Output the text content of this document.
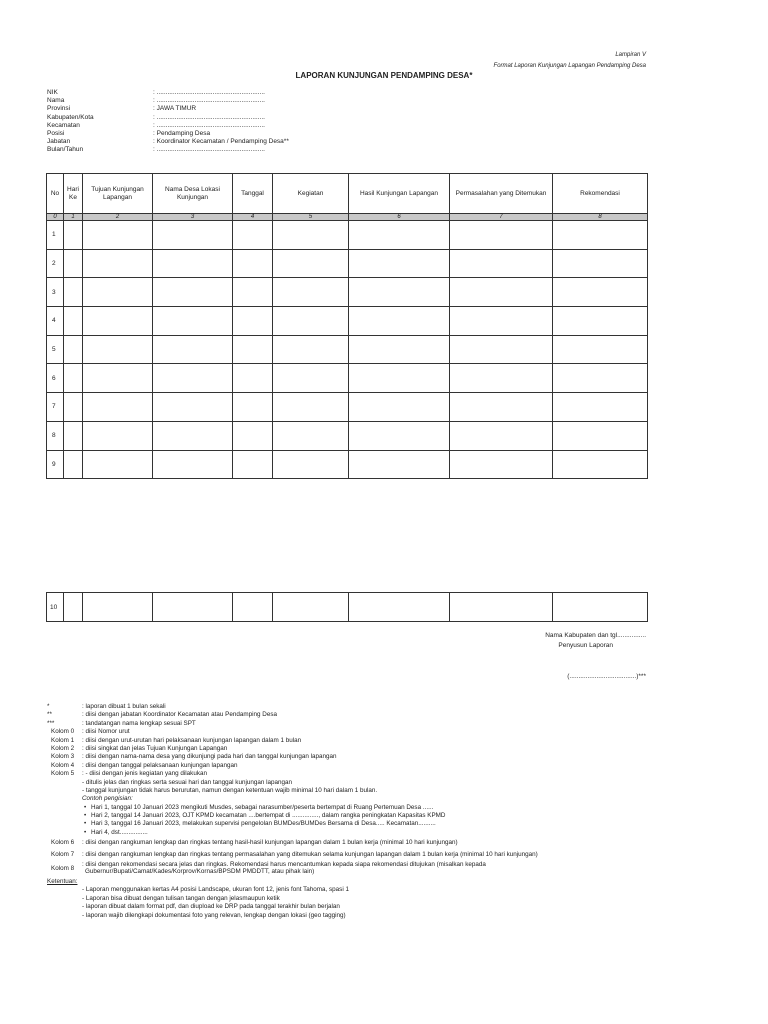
Lampiran V
Format Laporan Kunjungan Lapangan Pendamping Desa
LAPORAN KUNJUNGAN PENDAMPING DESA*
NIK	: ............................................................
Nama	: ............................................................
Provinsi	: JAWA TIMUR
Kabupaten/Kota	: ............................................................
Kecamatan	: ............................................................
Posisi	: Pendamping Desa
Jabatan	: Koordinator Kecamatan / Pendamping Desa**
Bulan/Tahun	: ............................................................
No	Hari Ke	Tujuan Kunjungan Lapangan	Nama Desa Lokasi Kunjungan	Tanggal	Kegiatan	Hasil Kunjungan Lapangan	Permasalahan yang Ditemukan	Rekomendasi
0	1	2	3	4	5	6	7	8
1								
2								
3								
4								
5								
6								
7								
8								
9								
10								
Nama Kabupaten dan tgl................
Penyusun Laporan
(.....................................)***
*	: laporan dibuat 1 bulan sekali
**	: diisi dengan jabatan Koordinator Kecamatan atau Pendamping Desa
***	: tandatangan nama lengkap sesuai SPT
Kolom 0 : diisi Nomor urut
Kolom 1 : diisi dengan urut-urutan hari pelaksanaan kunjungan lapangan dalam 1 bulan
Kolom 2 : diisi singkat dan jelas Tujuan Kunjungan Lapangan
Kolom 3 : diisi dengan nama-nama desa yang dikunjungi pada hari dan tanggal kunjungan lapangan
Kolom 4 : diisi dengan tanggal pelaksanaan kunjungan lapangan
Kolom 5 : - diisi dengan jenis kegiatan yang dilakukan
- ditulis jelas dan ringkas serta sesuai hari dan tanggal kunjungan lapangan
- tanggal kunjungan tidak harus berurutan, namun dengan ketentuan wajib minimal 10 hari dalam 1 bulan.
Contoh pengisian:
• Hari 1, tanggal 10 Januari 2023 mengikuti Musdes, sebagai narasumber/peserta bertempat di Ruang Pertemuan Desa ......
• Hari 2, tanggal 14 Januari 2023, OJT KPMD kecamatan ....bertempat di ..............., dalam rangka peningkatan Kapasitas KPMD
• Hari 3, tanggal 16 Januari 2023, melakukan supervisi pengelolan BUMDes/BUMDes Bersama di Desa..... Kecamatan..........
• Hari 4, dst................
Kolom 6 : diisi dengan rangkuman lengkap dan ringkas tentang hasil-hasil kunjungan lapangan dalam 1 bulan kerja (minimal 10 hari kunjungan)
Kolom 7 : diisi dengan rangkuman lengkap dan ringkas tentang permasalahan yang ditemukan selama kunjungan lapangan dalam 1 bulan kerja (minimal 10 hari kunjungan)
Kolom 8
: diisi dengan rekomendasi secara jelas dan ringkas. Rekomendasi harus mencantumkan kepada siapa rekomendasi ditujukan (misalkan kepada
Gubernur/Bupati/Camat/Kades/Korprov/Kornas/BPSDM PMDDTT, atau pihak lain)
Ketentuan:
- Laporan menggunakan kertas A4 posisi Landscape, ukuran font 12, jenis font Tahoma, spasi 1
- Laporan bisa dibuat dengan tulisan tangan dengan jelasmaupun ketik
- laporan dibuat dalam format pdf, dan diupload ke DRP pada tanggal terakhir bulan berjalan
- laporan wajib dilengkapi dokumentasi foto yang relevan, lengkap dengan lokasi (geo tagging)
